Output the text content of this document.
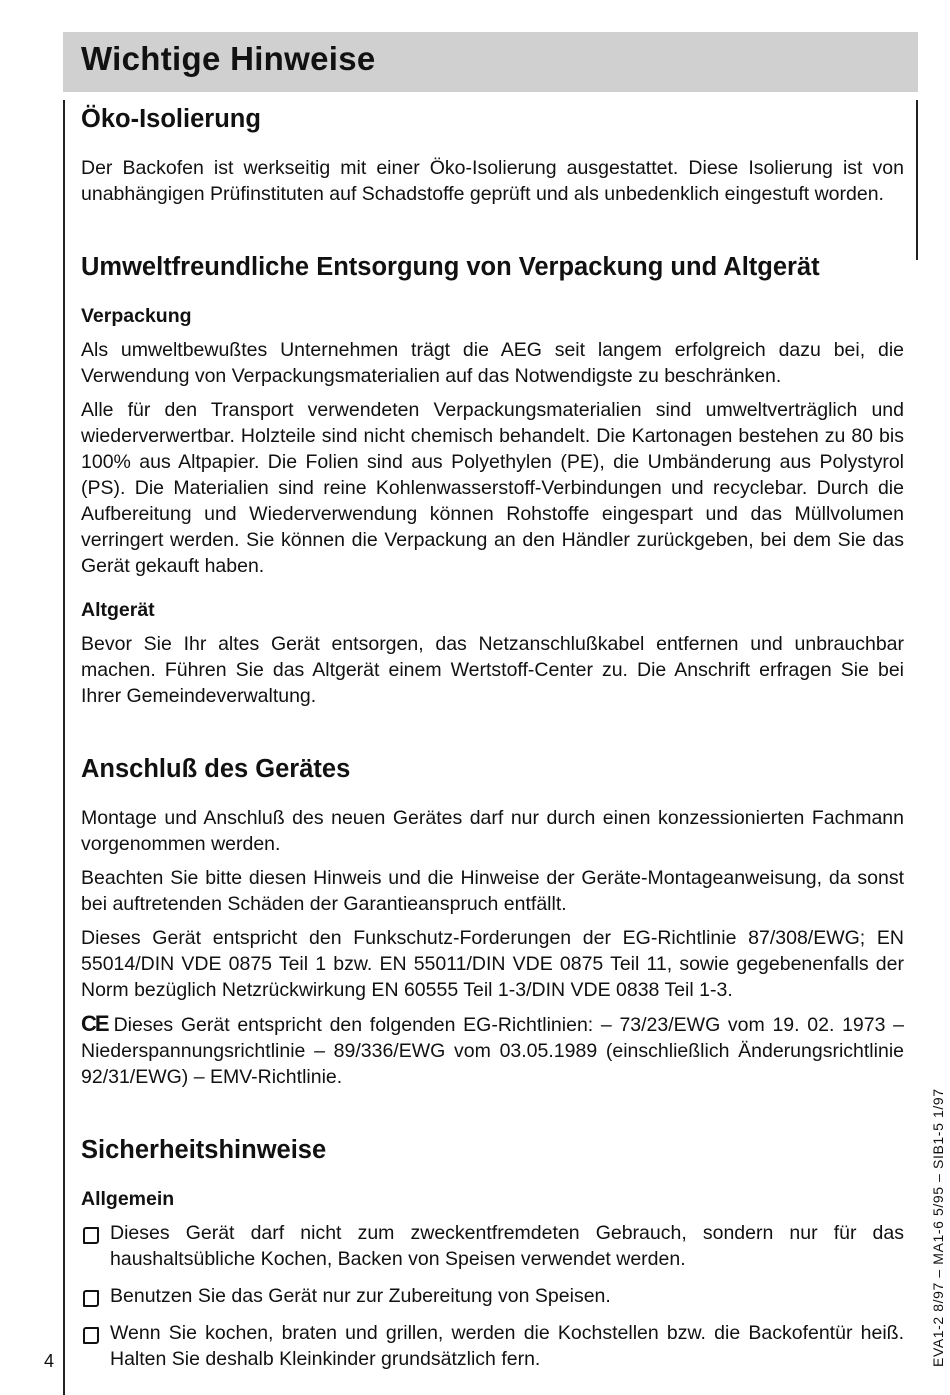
Wichtige Hinweise
Öko-Isolierung

Der Backofen ist werkseitig mit einer Öko-Isolierung ausgestattet. Diese Isolierung ist von unabhängigen Prüfinstituten auf Schadstoffe geprüft und als unbedenklich eingestuft worden.

Umweltfreundliche Entsorgung von Verpackung und Altgerät
Verpackung

Als umweltbewußtes Unternehmen trägt die AEG seit langem erfolgreich dazu bei, die Verwendung von Verpackungsmaterialien auf das Notwendigste zu beschränken.

Alle für den Transport verwendeten Verpackungsmaterialien sind umweltverträglich und wiederverwertbar. Holzteile sind nicht chemisch behandelt. Die Kartonagen bestehen zu 80 bis 100% aus Altpapier. Die Folien sind aus Polyethylen (PE), die Umbänderung aus Polystyrol (PS). Die Materialien sind reine Kohlenwasserstoff-Verbindungen und recyclebar. Durch die Aufbereitung und Wiederverwendung können Rohstoffe eingespart und das Müllvolumen verringert werden. Sie können die Verpackung an den Händler zurückgeben, bei dem Sie das Gerät gekauft haben.

Altgerät

Bevor Sie Ihr altes Gerät entsorgen, das Netzanschlußkabel entfernen und unbrauchbar machen. Führen Sie das Altgerät einem Wertstoff-Center zu. Die Anschrift erfragen Sie bei Ihrer Gemeindeverwaltung.

Anschluß des Gerätes

Montage und Anschluß des neuen Gerätes darf nur durch einen konzessionierten Fachmann vorgenommen werden.

Beachten Sie bitte diesen Hinweis und die Hinweise der Geräte-Montageanweisung, da sonst bei auftretenden Schäden der Garantieanspruch entfällt.

Dieses Gerät entspricht den Funkschutz-Forderungen der EG-Richtlinie 87/308/EWG; EN 55014/DIN VDE 0875 Teil 1 bzw. EN 55011/DIN VDE 0875 Teil 11, sowie gegebenenfalls der Norm bezüglich Netzrückwirkung EN 60555 Teil 1-3/DIN VDE 0838 Teil 1-3.

CE Dieses Gerät entspricht den folgenden EG-Richtlinien: – 73/23/EWG vom 19. 02. 1973 – Niederspannungsrichtlinie – 89/336/EWG vom 03.05.1989 (einschließlich Änderungsrichtlinie 92/31/EWG) – EMV-Richtlinie.

Sicherheitshinweise
Allgemein
Dieses Gerät darf nicht zum zweckentfremdeten Gebrauch, sondern nur für das haushaltsübliche Kochen, Backen von Speisen verwendet werden.
Benutzen Sie das Gerät nur zur Zubereitung von Speisen.
Wenn Sie kochen, braten und grillen, werden die Kochstellen bzw. die Backofentür heiß. Halten Sie deshalb Kleinkinder grundsätzlich fern.
4	EVA1-2 8/97 – MA1-6 5/95 – SIB1-5 1/97
